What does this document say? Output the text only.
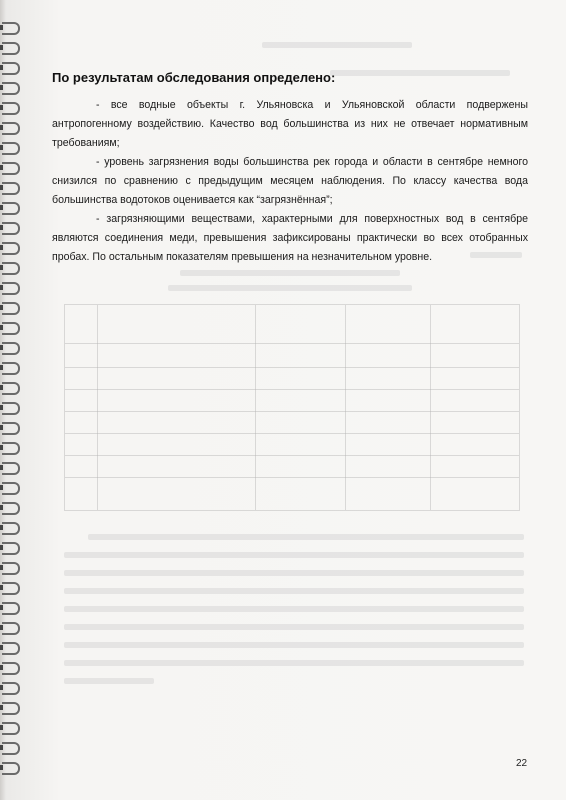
По результатам обследования определено:

- все водные объекты г. Ульяновска и Ульяновской области подвержены антропогенному воздействию. Качество вод большинства из них не отвечает нормативным требованиям;

- уровень загрязнения воды большинства рек города и области в сентябре немного снизился по сравнению с предыдущим месяцем наблюдения. По классу качества вода большинства водотоков оценивается как “загрязнённая”;

- загрязняющими веществами, характерными для поверхностных вод в сентябре являются соединения меди, превышения зафиксированы практически во всех отобранных пробах. По остальным показателям превышения на незначительном уровне.

22
